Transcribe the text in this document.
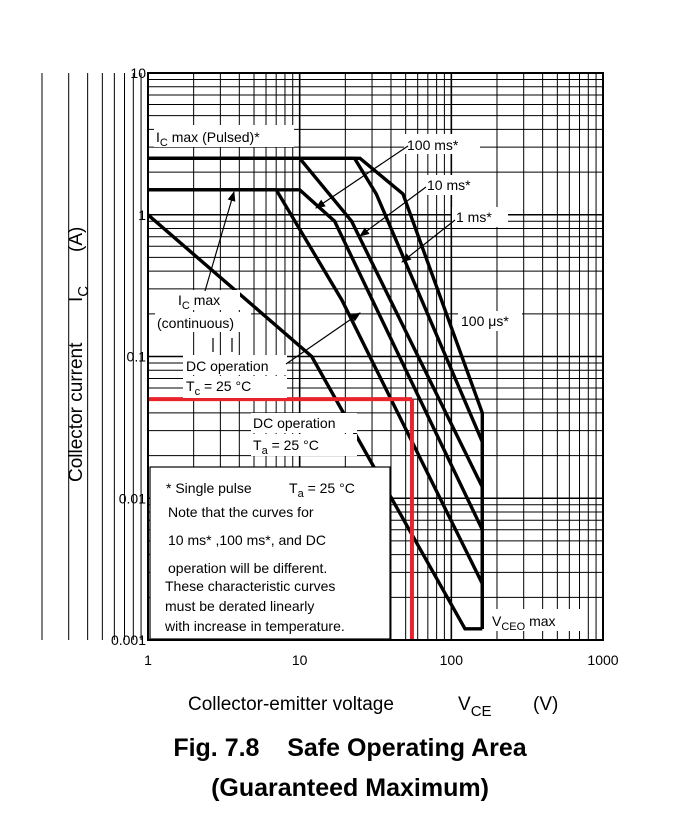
1	10	100	1000
10
1
0.1
0.01
0.001
Collector-emitter voltage	$V_{CE}$ (V)
Collector current
$I_C$
(A)
$I_C$ max (Pulsed)*	100 ms*
10 ms*
1 ms*
100 μs*
$I_C$ max
(continuous)
DC operation
$T_c = 25$ °C
DC operation
$T_a = 25$ °C
$V_{CEO}$ max
* Single pulse	$T_a = 25$ °C
Note that the curves for
10 ms* ,100 ms*, and DC
operation will be different.
These characteristic curves
must be derated linearly
with increase in temperature.
Fig. 7.8    Safe Operating Area
(Guaranteed Maximum)
